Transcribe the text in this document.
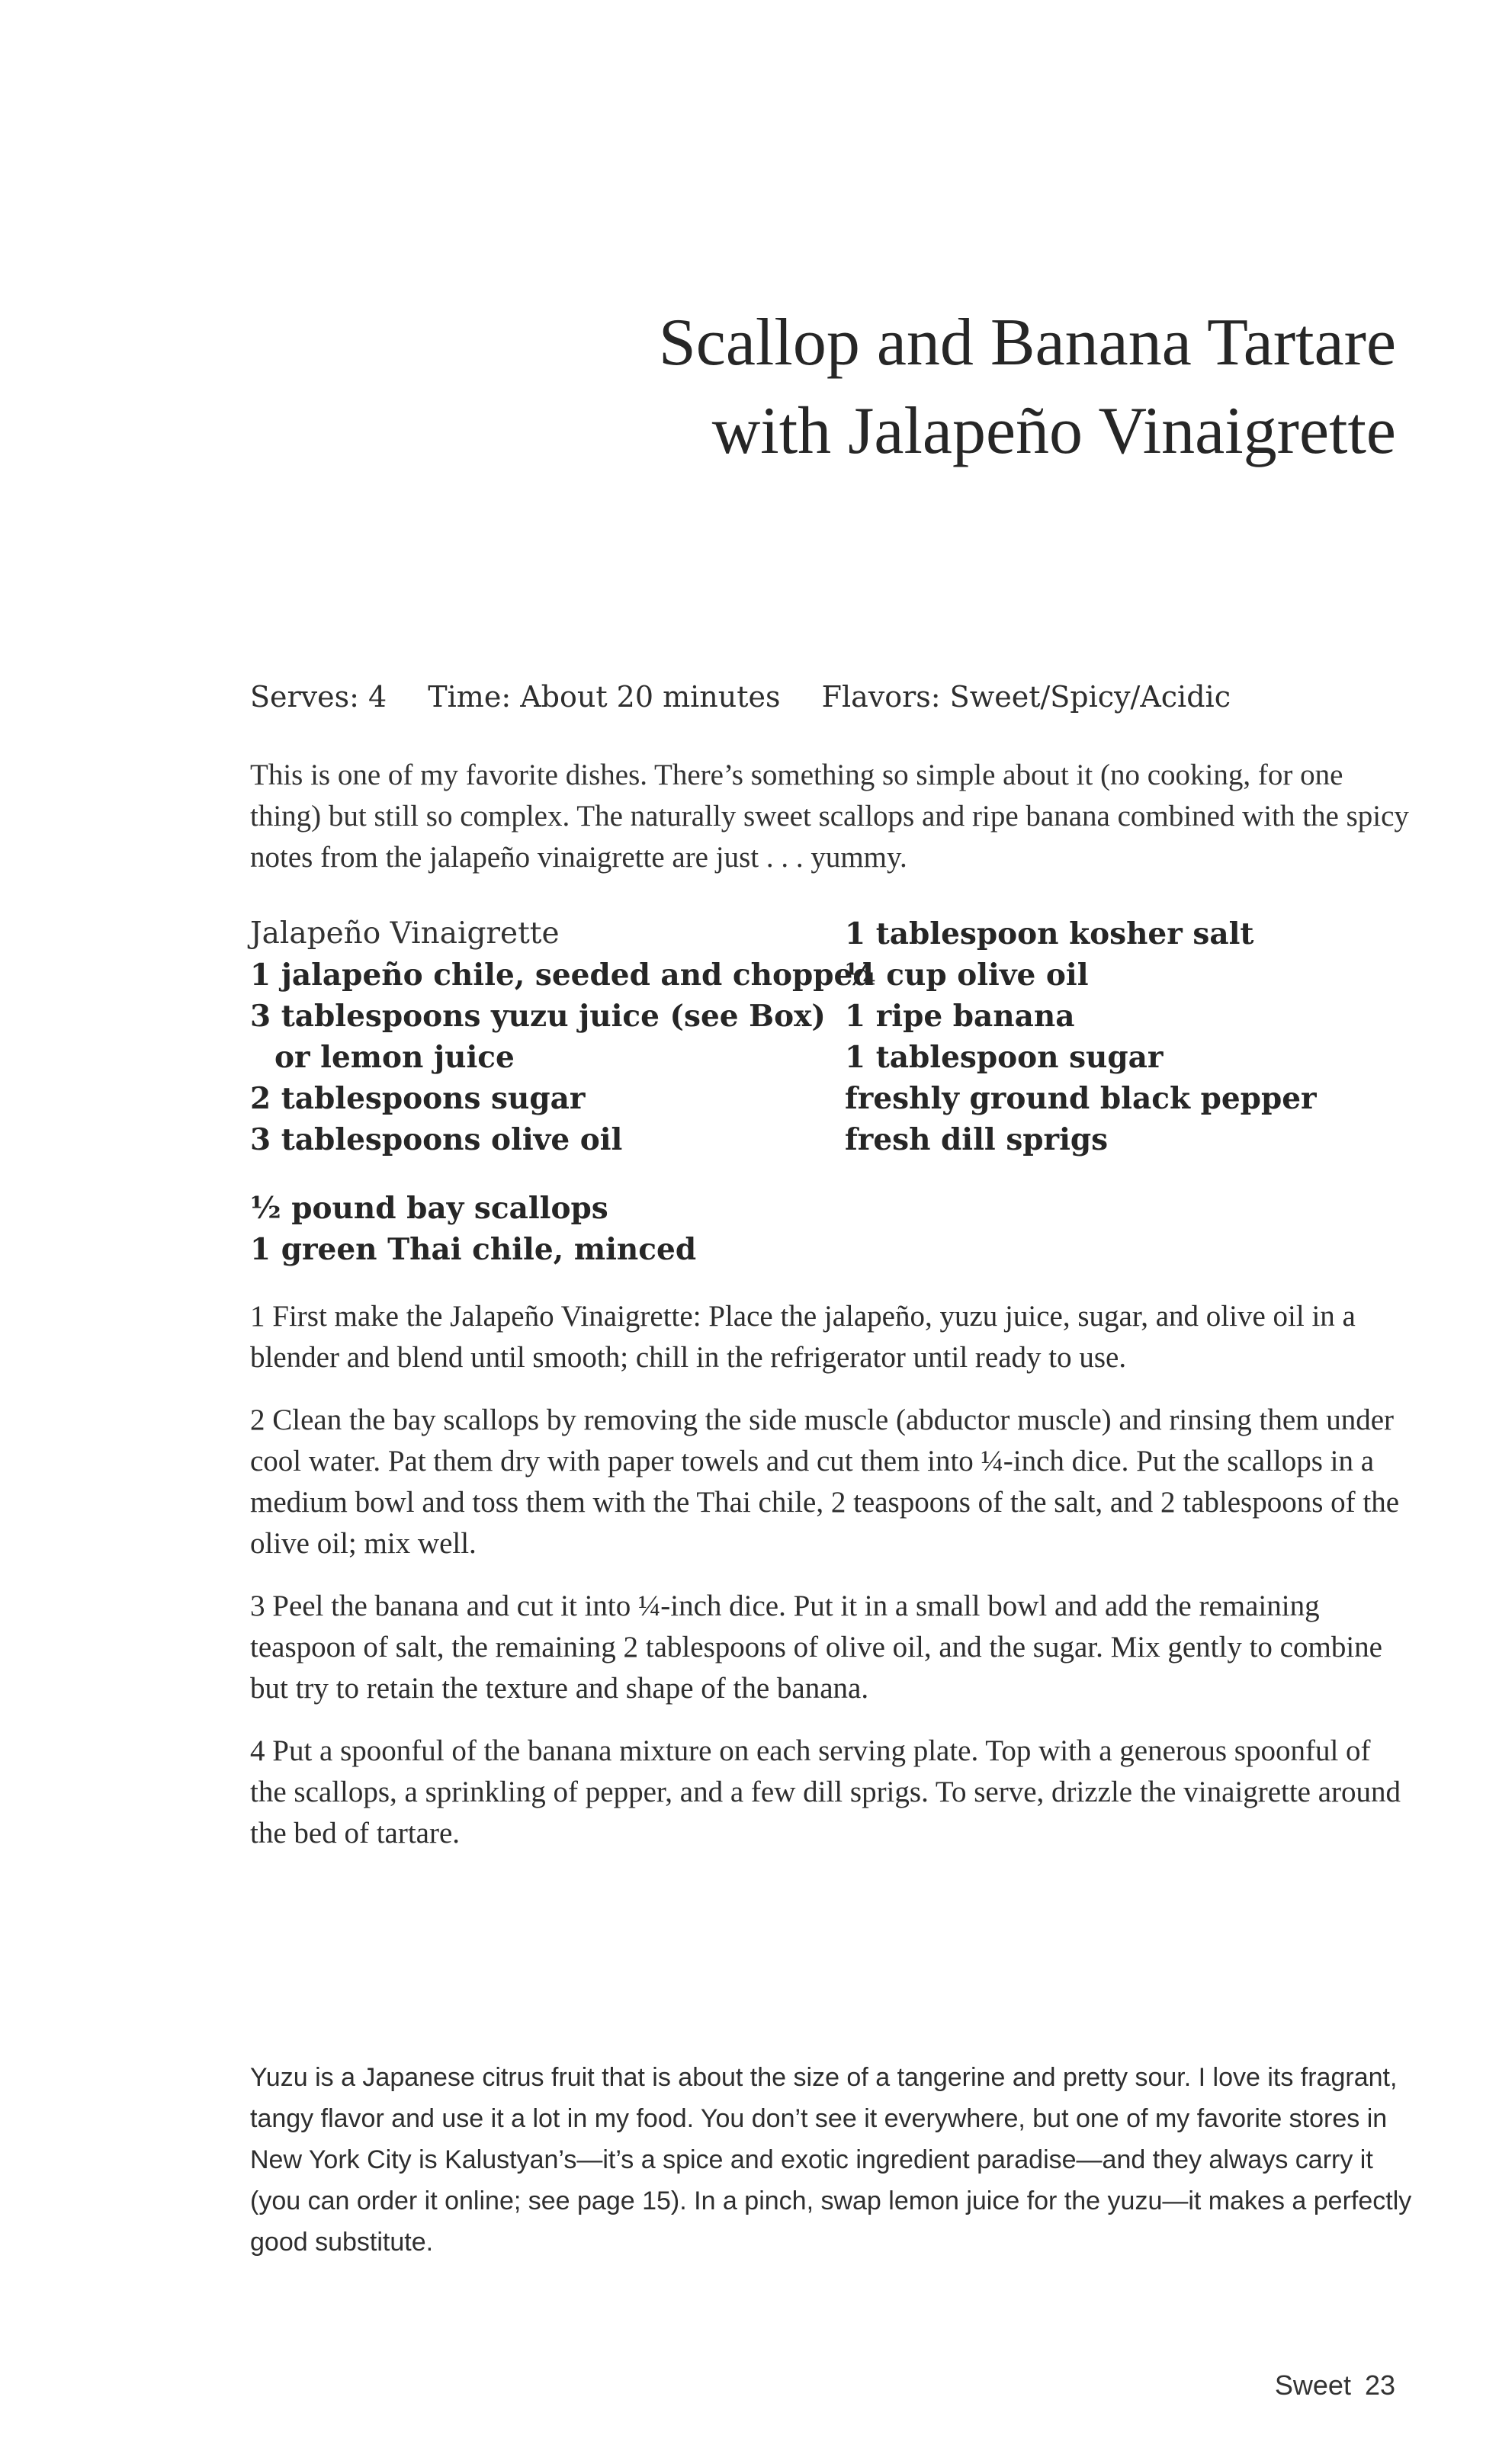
Scallop and Banana Tartare
with Jalapeño Vinaigrette
Serves: 4 Time: About 20 minutes Flavors: Sweet/Spicy/Acidic

This is one of my favorite dishes. There’s something so simple about it (no cooking, for one thing) but still so complex. The naturally sweet scallops and ripe banana combined with the spicy notes from the jalapeño vinaigrette are just . . . yummy.

Jalapeño Vinaigrette
1 jalapeño chile, seeded and chopped
3 tablespoons yuzu juice (see Box)
or lemon juice
2 tablespoons sugar
3 tablespoons olive oil
½ pound bay scallops
1 green Thai chile, minced
1 tablespoon kosher salt
¼ cup olive oil
1 ripe banana
1 tablespoon sugar
freshly ground black pepper
fresh dill sprigs

1 First make the Jalapeño Vinaigrette: Place the jalapeño, yuzu juice, sugar, and olive oil in a blender and blend until smooth; chill in the refrigerator until ready to use.

2 Clean the bay scallops by removing the side muscle (abductor muscle) and rinsing them under cool water. Pat them dry with paper towels and cut them into ¼-inch dice. Put the scallops in a medium bowl and toss them with the Thai chile, 2 teaspoons of the salt, and 2 tablespoons of the olive oil; mix well.

3 Peel the banana and cut it into ¼-inch dice. Put it in a small bowl and add the remaining teaspoon of salt, the remaining 2 tablespoons of olive oil, and the sugar. Mix gently to combine but try to retain the texture and shape of the banana.

4 Put a spoonful of the banana mixture on each serving plate. Top with a generous spoonful of the scallops, a sprinkling of pepper, and a few dill sprigs. To serve, drizzle the vinaigrette around the bed of tartare.

Yuzu is a Japanese citrus fruit that is about the size of a tangerine and pretty sour. I love its fragrant, tangy flavor and use it a lot in my food. You don’t see it everywhere, but one of my favorite stores in New York City is Kalustyan’s—it’s a spice and exotic ingredient paradise—and they always carry it (you can order it online; see page 15). In a pinch, swap lemon juice for the yuzu—it makes a perfectly good substitute.

Sweet 23
